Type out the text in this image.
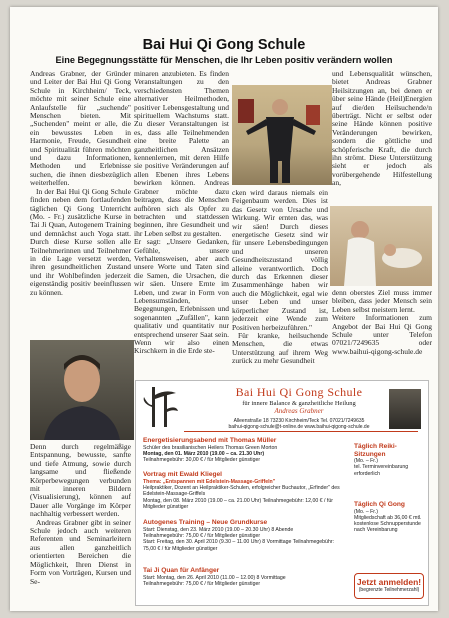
Bai Hui Qi Gong Schule
Eine Begegnungsstätte für Menschen, die Ihr Leben positiv verändern wollen

Andreas Grabner, der Gründer und Leiter der Bai Hui Qi Gong Schule in Kirchheim/ Teck, möchte mit seiner Schule eine Anlaufstelle für „suchende" Menschen bieten. Mit „Suchenden" meint er alle, die ein bewusstes Leben in Harmonie, Freude, Gesundheit und Spiritualität führen möchten und dazu Informationen, Methoden und Erlebnisse suchen, die ihnen diesbezüglich weiterhelfen.

In der Bai Hui Qi Gong Schule finden neben dem fortlaufenden täglichen Qi Gong Unterricht (Mo. - Fr.) zusätzliche Kurse in Tai Ji Quan, Autogenem Training und demnächst auch Yoga statt. Durch diese Kurse sollen alle Teilnehmerinnen und Teilnehmer in die Lage versetzt werden, ihren gesundheitlichen Zustand und ihr Wohlbefinden jederzeit eigenständig positiv beeinflussen zu können.

Denn durch regelmäßige Entspannung, bewusste, sanfte und tiefe Atmung, sowie durch langsame und fließende Körperbewegungen verbunden mit inneren Bildern (Visualisierung), können auf Dauer alle Vorgänge im Körper nachhaltig verbessert werden.

Andreas Grabner gibt in seiner Schule jedoch auch weiteren Referenten und Seminarleitern aus allen ganzheitlich orientierten Bereichen die Möglichkeit, Ihren Dienst in Form von Vorträgen, Kursen und Se-

minaren anzubieten. Es finden Veranstaltungen zu den verschiedensten Themen alternativer Heilmethoden, positiver Lebensgestaltung und spirituellem Wachstums statt. Zu dieser Veranstaltungen ist es, dass alle Teilnehmenden eine breite Palette an ganzheitlichen Ansätzen kennenlernen, mit deren Hilfe sie positive Veränderungen auf allen Ebenen ihres Lebens bewirken können. Andreas Grabner möchte dazu beitragen, dass die Menschen aufhören sich als Opfer zu betrachten und stattdessen beginnen, ihre Gesundheit und ihr Leben selbst zu gestalten.

Er sagt: „Unsere Gedanken, Gefühle, unsere Verhaltensweisen, aber auch unsere Worte und Taten sind die Samen, die Ursachen, die wir säen. Unsere Ernte im Leben, und zwar in Form von Lebensumständen, Begegnungen, Erlebnissen und sogenannten „Zufällen", kann qualitativ und quantitativ nur entsprechend unserer Saat sein. Wenn wir also einen Kirschkern in die Erde ste-

cken wird daraus niemals ein Feigenbaum werden. Dies ist das Gesetz von Ursache und Wirkung. Wir ernten das, was wir säen! Durch dieses energetische Gesetz sind wir für unsere Lebensbedingungen und unseren Gesundheitszustand völlig alleine verantwortlich. Doch durch das Erkennen dieser Zusammenhänge haben wir auch die Möglichkeit, egal wie unser Leben und unser körperlicher Zustand ist, jederzeit eine Wende zum Positiven herbeizuführen."

Für kranke, heilsuchende Menschen, die etwas Unterstützung auf ihrem Weg zurück zu mehr Gesundheit

und Lebensqualität wünschen, bietet Andreas Grabner Heilsitzungen an, bei denen er über seine Hände (Heil)Energien auf die/den Heilsuchende/n überträgt. Nicht er selbst oder seine Hände können positive Veränderungen bewirken, sondern die göttliche und schöpferische Kraft, die durch ihn strömt. Diese Unterstützung sieht er jedoch als vorübergehende Hilfestellung an,

denn oberstes Ziel muss immer bleiben, dass jeder Mensch sein Leben selbst meistern lernt.

Weitere Informationen zum Angebot der Bai Hui Qi Gong Schule unter Telefon 07021/7249635 oder www.baihui-qigong-schule.de

Bai Hui Qi Gong Schule
für innere Balance & ganzheitliche Heilung
Andreas Grabner
Alleenstraße 18 73230 Kirchheim/Teck Tel. 07021/7249635
baihui-qigong-schule@t-online.de www.baihui-qigong-schule.de
Energetisierungsabend mit Thomas Müller
Schüler des brasilianischen Heilers Thomas Green Morton
Montag, den 01. März 2010 (19.00 – ca. 21.30 Uhr)
Teilnahmegebühr: 30,00 € / für Mitglieder günstiger
Vortrag mit Ewald Kliegel
Thema: „Entspannen mit Edelstein-Massage-Griffeln"
Heilpraktiker, Dozent an Heilpraktiker-Schulen, erfolgreicher Buchautor, „Erfinder" des Edelstein-Massage-Griffels
Montag, den 08. März 2010 (19.00 – ca. 21.00 Uhr) Teilnahmegebühr: 12,00 € / für Mitglieder günstiger
Autogenes Training – Neue Grundkurse
Start: Dienstag, den 23. März 2010 (19.00 – 20.30 Uhr) 8 Abende
Teilnahmegebühr: 75,00 € / für Mitglieder günstiger
Start: Freitag, den 30. April 2010 (9.30 – 11.00 Uhr) 8 Vormittage Teilnahmegebühr: 75,00 € / für Mitglieder günstiger
Tai Ji Quan für Anfänger
Start: Montag, den 26. April 2010 (11.00 – 12.00) 8 Vormittage
Teilnahmegebühr: 75,00 € / für Mitglieder günstiger
Täglich Reiki-Sitzungen
(Mo. – Fr.)
tel. Terminvereinbarung erforderlich
Täglich Qi Gong
(Mo. – Fr.)
Mitgliedschaft ab 36,00 € mtl. kostenlose Schnupperstunde nach Vereinbarung
Jetzt anmelden!
(begrenzte Teilnehmerzahl)
